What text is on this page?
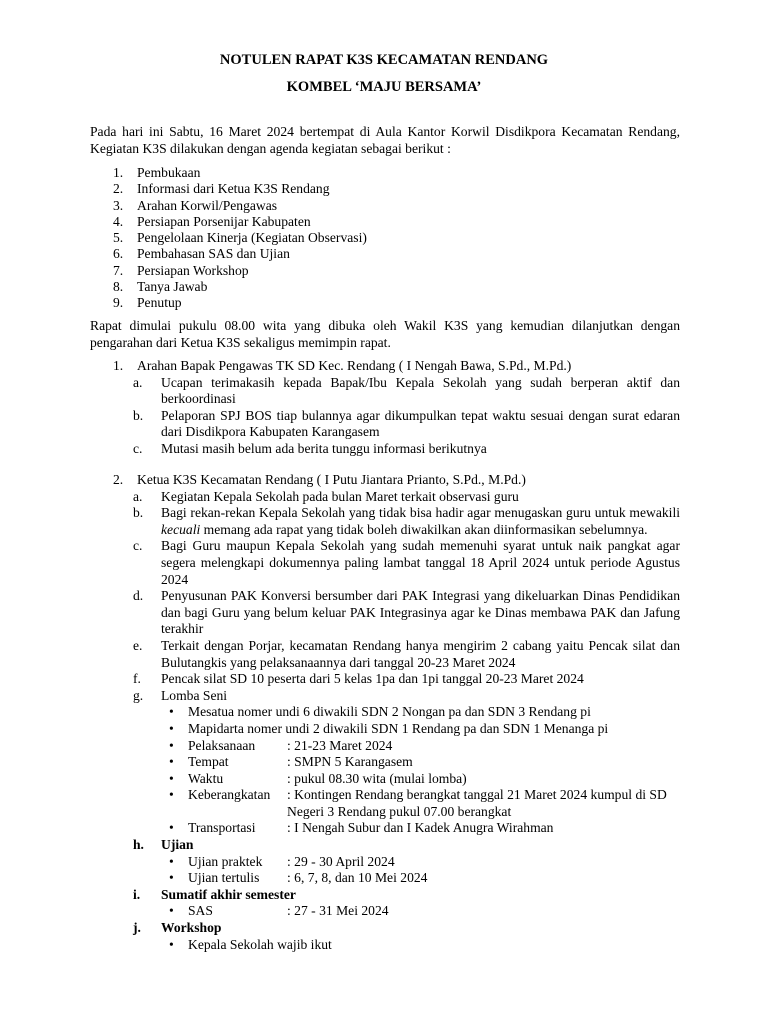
NOTULEN RAPAT K3S KECAMATAN RENDANG
KOMBEL ‘MAJU BERSAMA’
Pada hari ini Sabtu, 16 Maret 2024 bertempat di Aula Kantor Korwil Disdikpora Kecamatan Rendang, Kegiatan K3S dilakukan dengan agenda kegiatan sebagai berikut :
1. Pembukaan
2. Informasi dari Ketua K3S Rendang
3. Arahan Korwil/Pengawas
4. Persiapan Porsenijar Kabupaten
5. Pengelolaan Kinerja (Kegiatan Observasi)
6. Pembahasan SAS dan Ujian
7. Persiapan Workshop
8. Tanya Jawab
9. Penutup
Rapat dimulai pukulu 08.00 wita yang dibuka oleh Wakil K3S yang kemudian dilanjutkan dengan pengarahan dari Ketua K3S sekaligus memimpin rapat.
1. Arahan Bapak Pengawas TK SD Kec. Rendang ( I Nengah Bawa, S.Pd., M.Pd.)
a. Ucapan terimakasih kepada Bapak/Ibu Kepala Sekolah yang sudah berperan aktif dan berkoordinasi
b. Pelaporan SPJ BOS tiap bulannya agar dikumpulkan tepat waktu sesuai dengan surat edaran dari Disdikpora Kabupaten Karangasem
c. Mutasi masih belum ada berita tunggu informasi berikutnya
2. Ketua K3S Kecamatan Rendang ( I Putu Jiantara Prianto, S.Pd., M.Pd.)
a. Kegiatan Kepala Sekolah pada bulan Maret terkait observasi guru
b. Bagi rekan-rekan Kepala Sekolah yang tidak bisa hadir agar menugaskan guru untuk mewakili kecuali memang ada rapat yang tidak boleh diwakilkan akan diinformasikan sebelumnya.
c. Bagi Guru maupun Kepala Sekolah yang sudah memenuhi syarat untuk naik pangkat agar segera melengkapi dokumennya paling lambat tanggal 18 April 2024 untuk periode Agustus 2024
d. Penyusunan PAK Konversi bersumber dari PAK Integrasi yang dikeluarkan Dinas Pendidikan dan bagi Guru yang belum keluar PAK Integrasinya agar ke Dinas membawa PAK dan Jafung terakhir
e. Terkait dengan Porjar, kecamatan Rendang hanya mengirim 2 cabang yaitu Pencak silat dan Bulutangkis yang pelaksanaannya dari tanggal 20-23 Maret 2024
f. Pencak silat SD 10 peserta dari 5 kelas 1pa dan 1pi tanggal 20-23 Maret 2024
g. Lomba Seni
• Mesatua nomer undi 6 diwakili SDN 2 Nongan pa dan SDN 3 Rendang pi
• Mapidarta nomer undi 2 diwakili SDN 1 Rendang pa dan SDN 1 Menanga pi
• Pelaksanaan	: 21-23 Maret 2024
• Tempat	: SMPN 5 Karangasem
• Waktu	: pukul 08.30 wita (mulai lomba)
• Keberangkatan	: Kontingen Rendang berangkat tanggal 21 Maret 2024 kumpul di SD Negeri 3 Rendang pukul 07.00 berangkat
• Transportasi	: I Nengah Subur dan I Kadek Anugra Wirahman
h. Ujian
• Ujian praktek	: 29 - 30 April 2024
• Ujian tertulis	: 6, 7, 8, dan 10 Mei 2024
i. Sumatif akhir semester
• SAS	: 27 - 31 Mei 2024
j. Workshop
• Kepala Sekolah wajib ikut
